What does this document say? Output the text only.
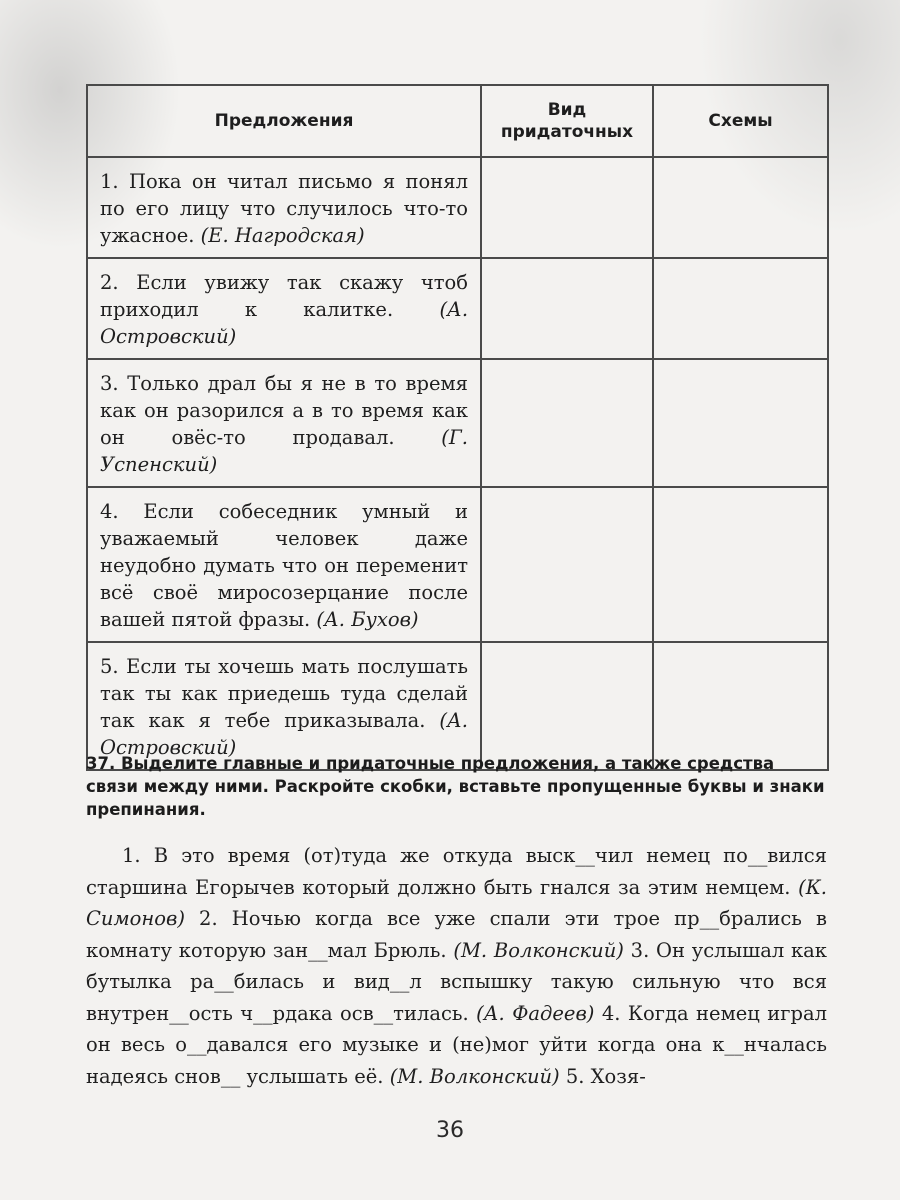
Предложения	Вид придаточных	Схемы
1. Пока он читал письмо я понял по его лицу что случилось что-то ужасное. (Е. Нагродская)		
2. Если увижу так скажу чтоб приходил к калитке. (А. Островский)		
3. Только драл бы я не в то время как он разорился а в то время как он овёс-то продавал. (Г. Успенский)		
4. Если собеседник умный и уважаемый человек даже неудобно думать что он переменит всё своё миросозерцание после вашей пятой фразы. (А. Бухов)		
5. Если ты хочешь мать послушать так ты как приедешь туда сделай так как я тебе приказывала. (А. Островский)		
37. Выделите главные и придаточные предложения, а также средства связи между ними. Раскройте скобки, вставьте пропущенные буквы и знаки препинания.
1. В это время (от)туда же откуда выск__чил немец по__вился старшина Егорычев который должно быть гнался за этим немцем. (К. Симонов) 2. Ночью когда все уже спали эти трое пр__брались в комнату которую зан__мал Брюль. (М. Волконский) 3. Он услышал как бутылка ра__билась и вид__л вспышку такую сильную что вся внутрен__ость ч__рдака осв__тилась. (А. Фадеев) 4. Когда немец играл он весь о__давался его музыке и (не)мог уйти когда она к__нчалась надеясь снов__ услышать её. (М. Волконский) 5. Хозя-
36
